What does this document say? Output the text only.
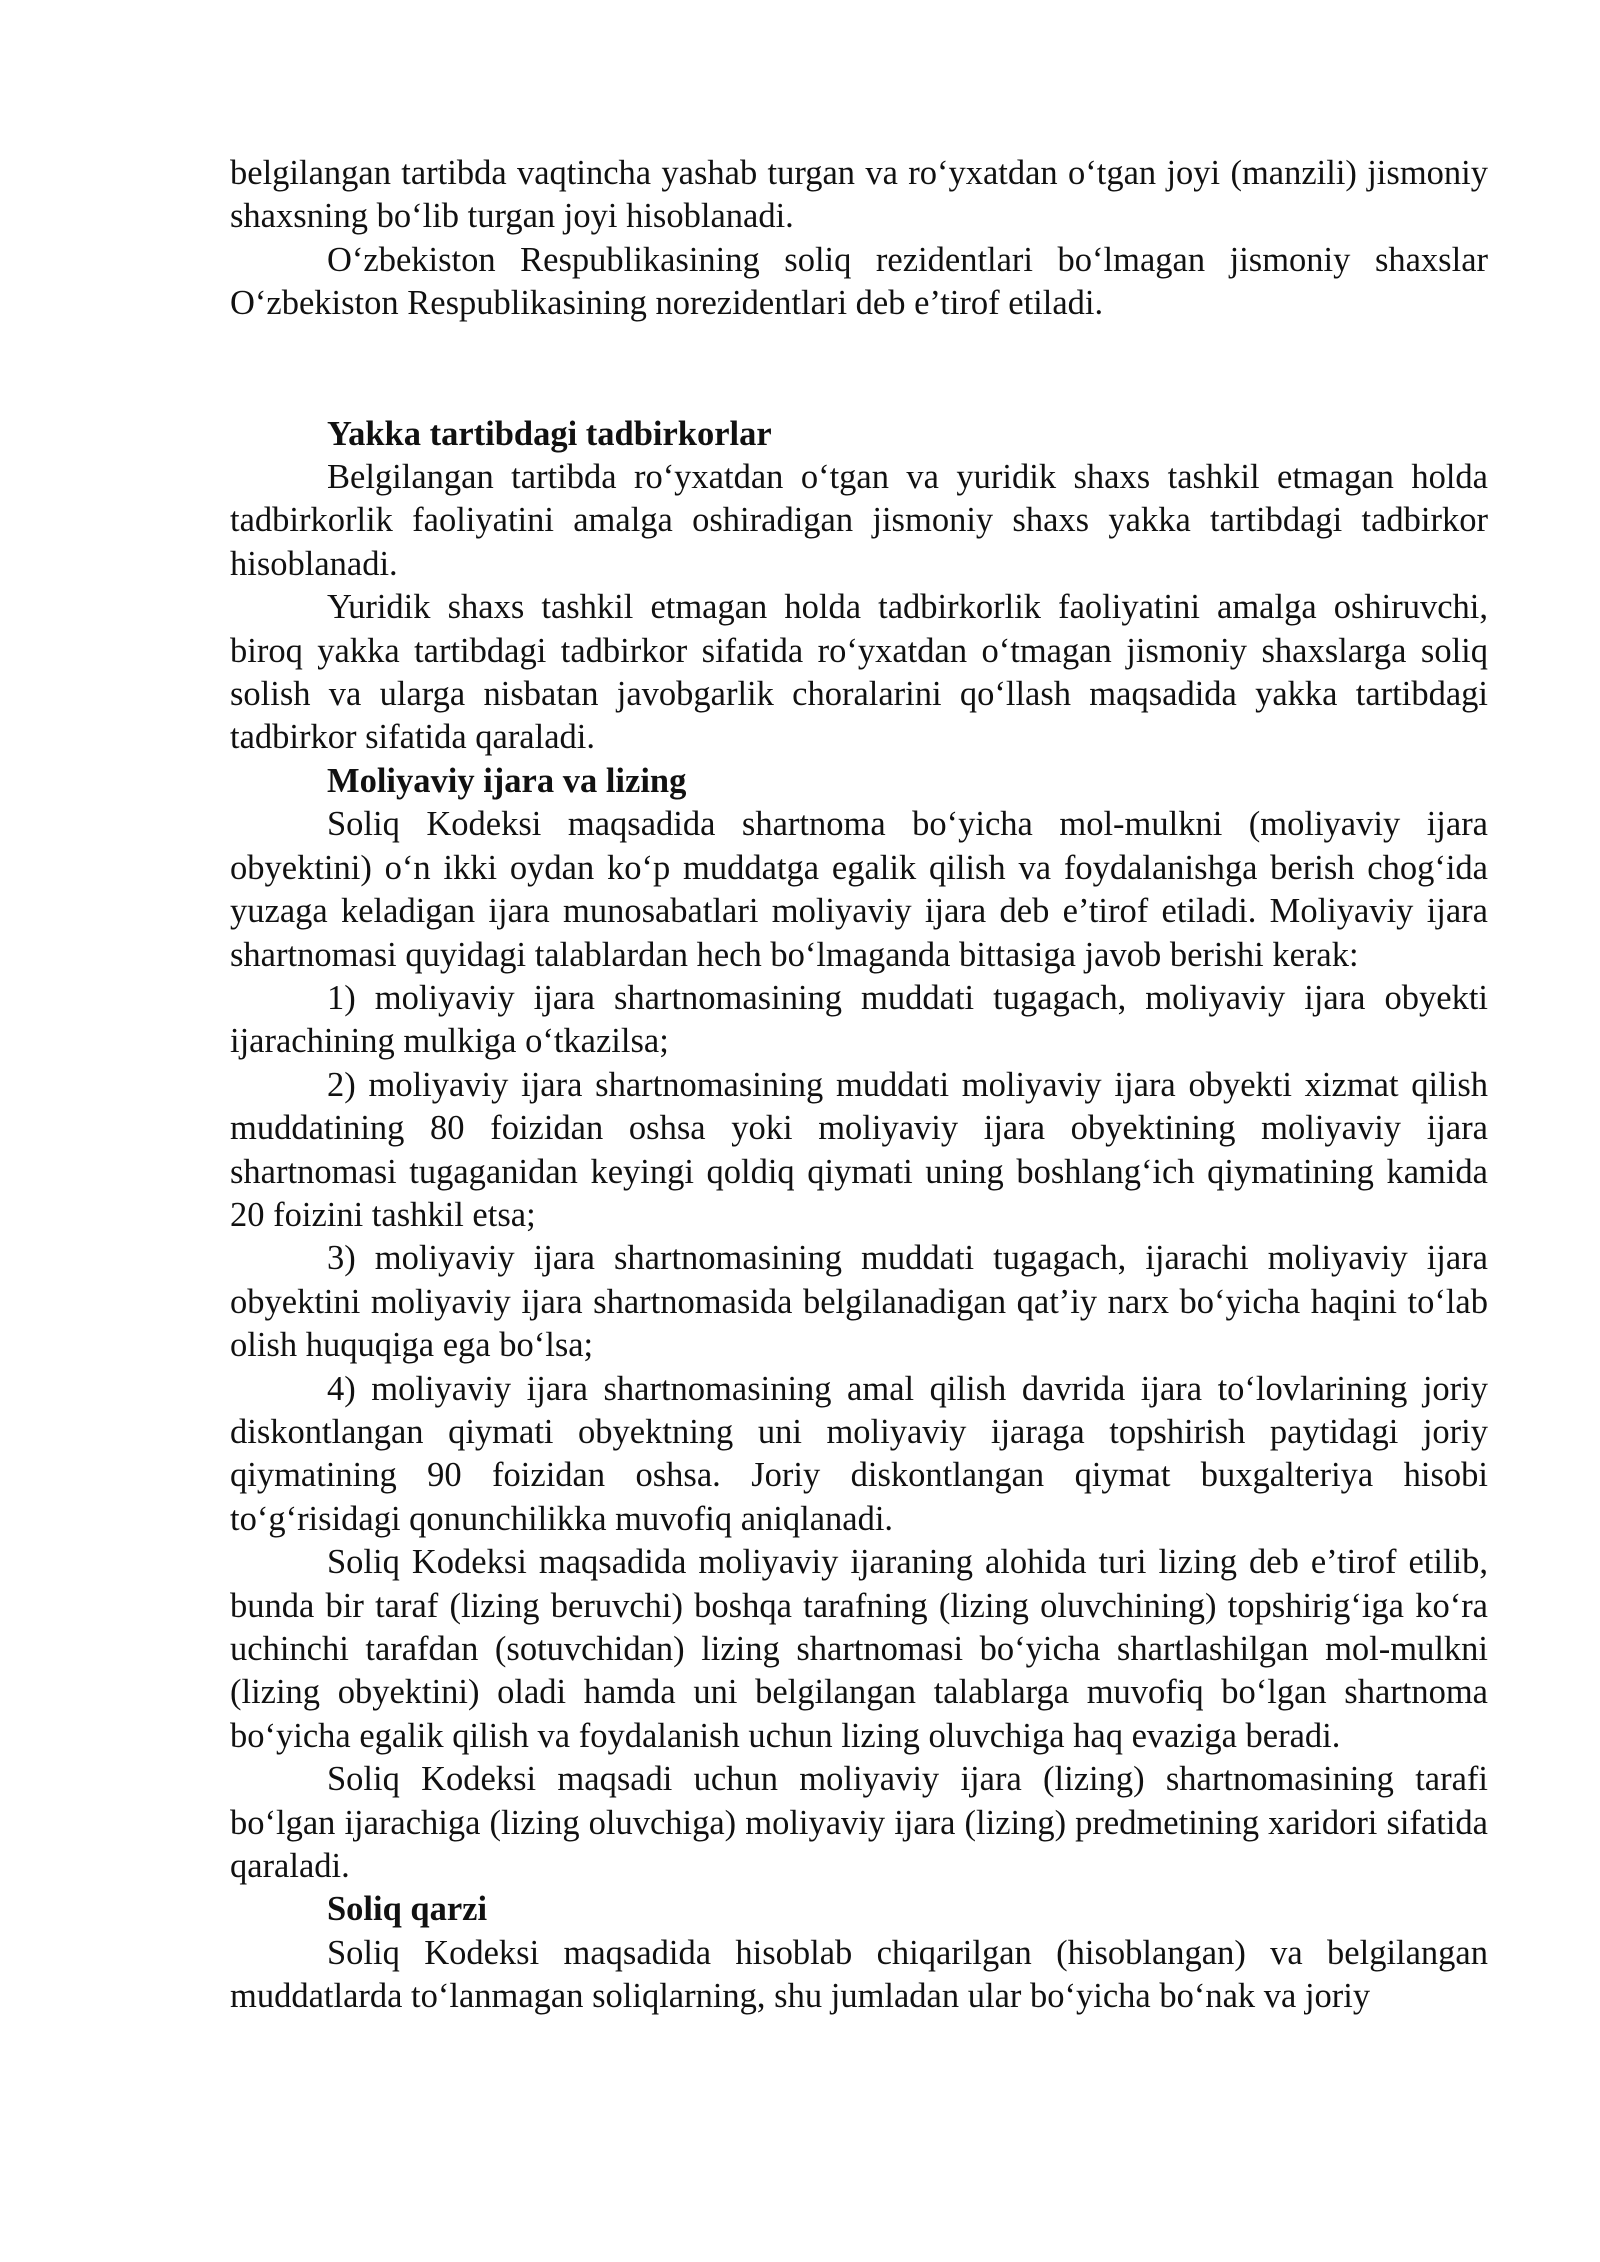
belgilangan tartibda vaqtincha yashab turgan va ro‘yxatdan o‘tgan joyi (manzili) jismoniy shaxsning bo‘lib turgan joyi hisoblanadi.

O‘zbekiston Respublikasining soliq rezidentlari bo‘lmagan jismoniy shaxslar O‘zbekiston Respublikasining norezidentlari deb e’tirof etiladi.

Yakka tartibdagi tadbirkorlar

Belgilangan tartibda ro‘yxatdan o‘tgan va yuridik shaxs tashkil etmagan holda tadbirkorlik faoliyatini amalga oshiradigan jismoniy shaxs yakka tartibdagi tadbirkor hisoblanadi.

Yuridik shaxs tashkil etmagan holda tadbirkorlik faoliyatini amalga oshiruvchi, biroq yakka tartibdagi tadbirkor sifatida ro‘yxatdan o‘tmagan jismoniy shaxslarga soliq solish va ularga nisbatan javobgarlik choralarini qo‘llash maqsadida yakka tartibdagi tadbirkor sifatida qaraladi.

Moliyaviy ijara va lizing

Soliq Kodeksi maqsadida shartnoma bo‘yicha mol-mulkni (moliyaviy ijara obyektini) o‘n ikki oydan ko‘p muddatga egalik qilish va foydalanishga berish chog‘ida yuzaga keladigan ijara munosabatlari moliyaviy ijara deb e’tirof etiladi. Moliyaviy ijara shartnomasi quyidagi talablardan hech bo‘lmaganda bittasiga javob berishi kerak:

1) moliyaviy ijara shartnomasining muddati tugagach, moliyaviy ijara obyekti ijarachining mulkiga o‘tkazilsa;

2) moliyaviy ijara shartnomasining muddati moliyaviy ijara obyekti xizmat qilish muddatining 80 foizidan oshsa yoki moliyaviy ijara obyektining moliyaviy ijara shartnomasi tugaganidan keyingi qoldiq qiymati uning boshlang‘ich qiymatining kamida 20 foizini tashkil etsa;

3) moliyaviy ijara shartnomasining muddati tugagach, ijarachi moliyaviy ijara obyektini moliyaviy ijara shartnomasida belgilanadigan qat’iy narx bo‘yicha haqini to‘lab olish huquqiga ega bo‘lsa;

4) moliyaviy ijara shartnomasining amal qilish davrida ijara to‘lovlarining joriy diskontlangan qiymati obyektning uni moliyaviy ijaraga topshirish paytidagi joriy qiymatining 90 foizidan oshsa. Joriy diskontlangan qiymat buxgalteriya hisobi to‘g‘risidagi qonunchilikka muvofiq aniqlanadi.

Soliq Kodeksi maqsadida moliyaviy ijaraning alohida turi lizing deb e’tirof etilib, bunda bir taraf (lizing beruvchi) boshqa tarafning (lizing oluvchining) topshirig‘iga ko‘ra uchinchi tarafdan (sotuvchidan) lizing shartnomasi bo‘yicha shartlashilgan mol-mulkni (lizing obyektini) oladi hamda uni belgilangan talablarga muvofiq bo‘lgan shartnoma bo‘yicha egalik qilish va foydalanish uchun lizing oluvchiga haq evaziga beradi.

Soliq Kodeksi maqsadi uchun moliyaviy ijara (lizing) shartnomasining tarafi bo‘lgan ijarachiga (lizing oluvchiga) moliyaviy ijara (lizing) predmetining xaridori sifatida qaraladi.

Soliq qarzi

Soliq Kodeksi maqsadida hisoblab chiqarilgan (hisoblangan) va belgilangan muddatlarda to‘lanmagan soliqlarning, shu jumladan ular bo‘yicha bo‘nak va joriy
